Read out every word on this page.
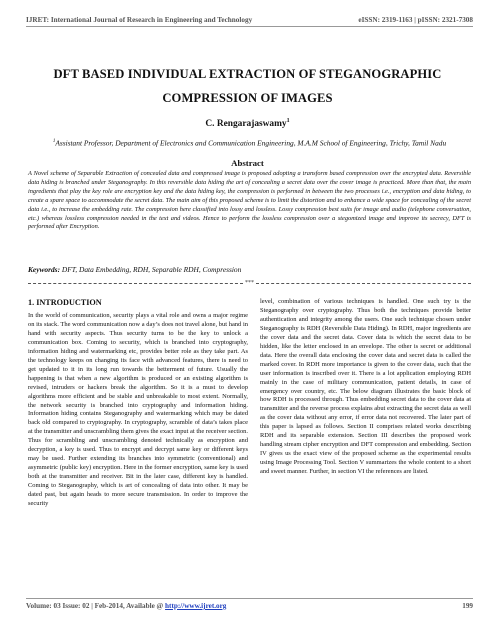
IJRET: International Journal of Research in Engineering and Technology	eISSN: 2319-1163 | pISSN: 2321-7308
DFT BASED INDIVIDUAL EXTRACTION OF STEGANOGRAPHIC
COMPRESSION OF IMAGES
C. Rengarajaswamy$^1$
$^1$Assistant Professor, Department of Electronics and Communication Engineering, M.A.M School of Engineering, Trichy, Tamil Nadu
Abstract
A Novel scheme of Separable Extraction of concealed data and compressed image is proposed adopting a transform based compression over the encrypted data. Reversible data hiding is branched under Steganography. In this reversible data hiding the art of concealing a secret data over the cover image is practiced. More than that, the main ingredients that play the key role are encryption key and the data hiding key, the compression is performed in between the two processes i.e., encryption and data hiding, to create a spare space to accommodate the secret data. The main aim of this proposed scheme is to limit the distortion and to enhance a wide space for concealing of the secret data i.e., to increase the embedding rate. The compression here classified into lossy and lossless. Lossy compression best suits for image and audio (telephone conversation, etc.) whereas lossless compression needed in the text and videos. Hence to perform the lossless compression over a stegomized image and improve its secrecy, DFT is performed after Encryption.
Keywords: DFT, Data Embedding, RDH, Separable RDH, Compression
***
1. INTRODUCTION

In the world of communication, security plays a vital role and owns a major regime on its stack. The word communication now a day’s does not travel alone, but hand in hand with security aspects. Thus security turns to be the key to unlock a communication box. Coming to security, which is branched into cryptography, information hiding and watermarking etc, provides better role as they take part. As the technology keeps on changing its face with advanced features, there is need to get updated to it in its long run towards the betterment of future. Usually the happening is that when a new algorithm is produced or an existing algorithm is revised, intruders or hackers break the algorithm. So it is a must to develop algorithms more efficient and be stable and unbreakable to most extent. Normally, the network security is branched into cryptography and information hiding. Information hiding contains Steganography and watermarking which may be dated back old compared to cryptography. In cryptography, scramble of data’s takes place at the transmitter and unscrambling them gives the exact input at the receiver section. Thus for scrambling and unscrambling denoted technically as encryption and decryption, a key is used. Thus to encrypt and decrypt same key or different keys may be used. Further extending its branches into symmetric (conventional) and asymmetric (public key) encryption. Here in the former encryption, same key is used both at the transmitter and receiver. Bit in the later case, different key is handled. Coming to Steganography, which is art of concealing of data into other. It may be dated past, but again heads to more secure transmission. In order to improve the security

level, combination of various techniques is handled. One such try is the Steganography over cryptography. Thus both the techniques provide better authentication and integrity among the users. One such technique chosen under Steganography is RDH (Reversible Data Hiding). In RDH, major ingredients are the cover data and the secret data. Cover data is which the secret data to be hidden, like the letter enclosed in an envelope. The other is secret or additional data. Here the overall data enclosing the cover data and secret data is called the marked cover. In RDH more importance is given to the cover data, such that the user information is inscribed over it. There is a lot application employing RDH mainly in the case of military communication, patient details, in case of emergency over country, etc. The below diagram illustrates the basic block of how RDH is processed through. Thus embedding secret data to the cover data at transmitter and the reverse process explains abut extracting the secret data as well as the cover data without any error, if error data not recovered. The later part of this paper is lapsed as follows. Section II comprises related works describing RDH and its separable extension. Section III describes the proposed work handling stream cipher encryption and DFT compression and embedding. Section IV gives us the exact view of the proposed scheme as the experimental results using Image Processing Tool. Section V summarizes the whole content to a short and sweet manner. Further, in section VI the references are listed.

Volume: 03 Issue: 02 | Feb-2014, Available @ http://www.ijret.org	199
